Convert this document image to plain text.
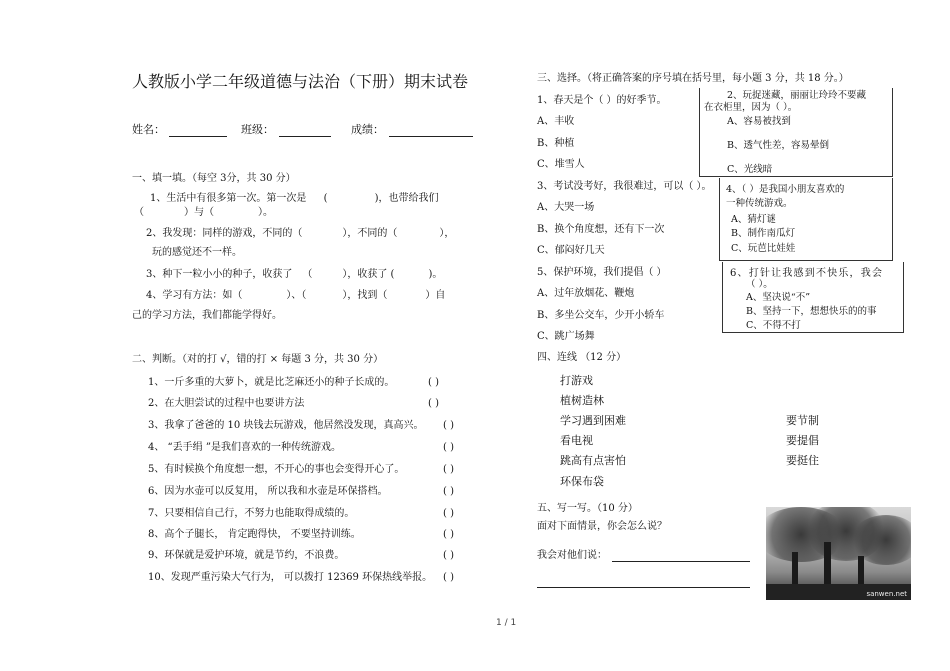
人教版小学二年级道德与法治（下册）期末试卷
姓名：	班级：	成绩：
一、填一填。（每空 3分，共 30 分）
1、生活中有很多第一次。第一次是 (	)，也带给我们
（	）与（	）。
2、我发现：同样的游戏，不同的（	），不同的（	），
玩的感觉还不一样。
3、种下一粒小小的种子，收获了 （	），收获了 (	)。
4、学习有方法：如（	）、（	），找到（	）自
己的学习方法，我们都能学得好。
二、判断。（对的打 √，错的打 × 每题 3 分，共 30 分）
1、一斤多重的大萝卜，就是比芝麻还小的种子长成的。	( )
2、在大胆尝试的过程中也要讲方法	( )
3、我拿了爸爸的 10 块钱去玩游戏，他居然没发现，真高兴。 ( )
4、 “丢手绢 ”是我们喜欢的一种传统游戏。	( )
5、有时候换个角度想一想，不开心的事也会变得开心了。	( )
6、因为水壶可以反复用， 所以我和水壶是环保搭档。	( )
7、只要相信自己行，不努力也能取得成绩的。	( )
8、高个子腿长， 肯定跑得快， 不要坚持训练。	( )
9、环保就是爱护环境，就是节约，不浪费。	( )
10、发现严重污染大气行为， 可以拨打 12369 环保热线举报。 ( )
三、选择。（将正确答案的序号填在括号里，每小题 3 分，共 18 分。）
1、春天是个（ ）的好季节。
A、丰收
B、种植
C、堆雪人
3、考试没考好，我很难过，可以（ ）。
A、大哭一场
B、换个角度想，还有下一次
C、郁闷好几天
5、保护环境，我们提倡（ ）
A、过年放烟花、鞭炮
B、多坐公交车，少开小轿车
C、跳广场舞
2、玩捉迷藏，丽丽让玲玲不要藏
在衣柜里，因为（ ）。
A、容易被找到
B、透气性差，容易晕倒
C、光线暗
4、（ ）是我国小朋友喜欢的
一种传统游戏。
A、猜灯谜
B、制作南瓜灯
C、玩芭比娃娃
6、打针让我感到不快乐，我会
（ ）。
A、坚决说“不”
B、坚持一下，想想快乐的的事
C、不得不打
四、连线 （12 分）
打游戏
植树造林
学习遇到困难
看电视
跳高有点害怕
环保布袋
要节制
要提倡
要挺住
五、写一写。（10 分）
面对下面情景，你会怎么说？
我会对他们说：
sanwen.net
1 / 1
